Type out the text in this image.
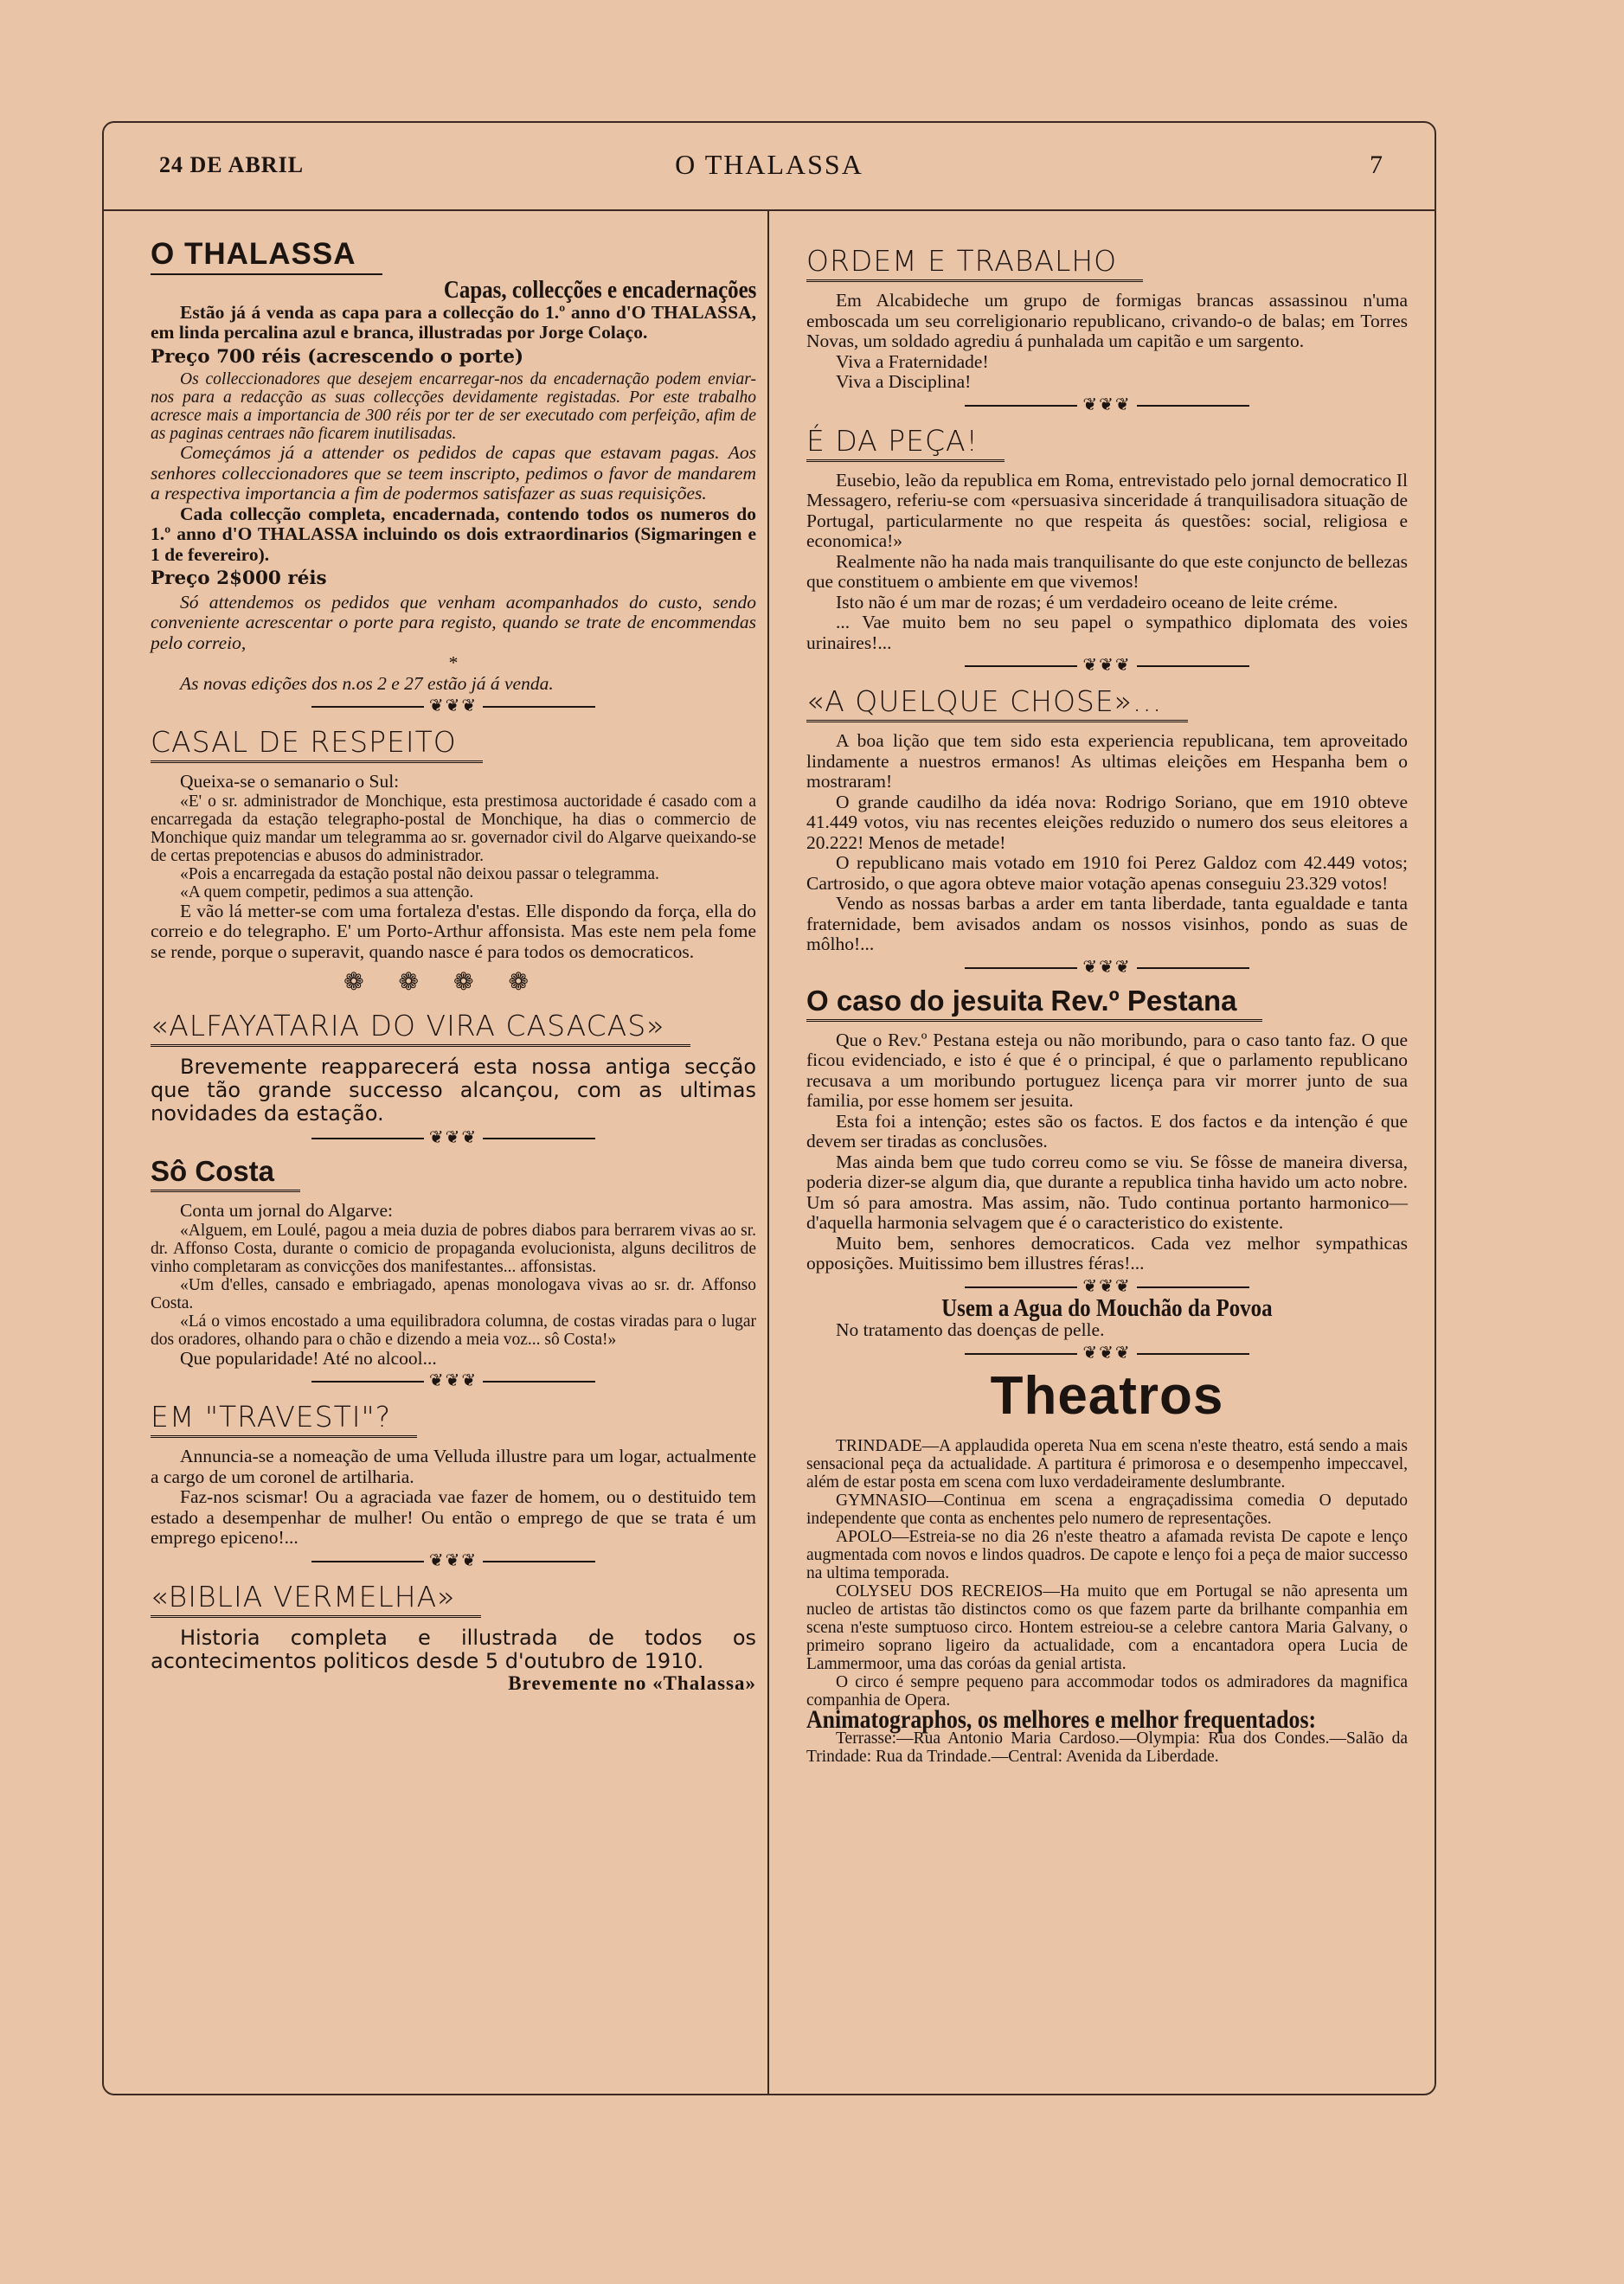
24 DE ABRIL	O THALASSA	7
O THALASSA

Capas, collecções e encadernações

Estão já á venda as capa para a collecção do 1.º anno d'O THALASSA, em linda percalina azul e branca, illustradas por Jorge Colaço.

Preço 700 réis (acrescendo o porte)

Os colleccionadores que desejem encarregar-nos da encadernação podem enviar-nos para a redacção as suas collecções devidamente registadas. Por este trabalho acresce mais a importancia de 300 réis por ter de ser executado com perfeição, afim de as paginas centraes não ficarem inutilisadas.

Começámos já a attender os pedidos de capas que estavam pagas. Aos senhores colleccionadores que se teem inscripto, pedimos o favor de mandarem a respectiva importancia a fim de podermos satisfazer as suas requisições.

Cada collecção completa, encadernada, contendo todos os numeros do 1.º anno d'O THALASSA incluindo os dois extraordinarios (Sigmaringen e 1 de fevereiro).

Preço 2$000 réis

Só attendemos os pedidos que venham acompanhados do custo, sendo conveniente acrescentar o porte para registo, quando se trate de encommendas pelo correio,

*

As novas edições dos n.os 2 e 27 estão já á venda.

❦❦❦
CASAL DE RESPEITO

Queixa-se o semanario o Sul:

«E' o sr. administrador de Monchique, esta prestimosa auctoridade é casado com a encarregada da estação telegrapho-postal de Monchique, ha dias o commercio de Monchique quiz mandar um telegramma ao sr. governador civil do Algarve queixando-se de certas prepotencias e abusos do administrador.

«Pois a encarregada da estação postal não deixou passar o telegramma.

«A quem competir, pedimos a sua attenção.

E vão lá metter-se com uma fortaleza d'estas. Elle dispondo da força, ella do correio e do telegrapho. E' um Porto-Arthur affonsista. Mas este nem pela fome se rende, porque o superavit, quando nasce é para todos os democraticos.

❁❁❁❁
«ALFAYATARIA DO VIRA CASACAS»

Brevemente reapparecerá esta nossa antiga secção que tão grande successo alcançou, com as ultimas novidades da estação.

❦❦❦
Sô Costa

Conta um jornal do Algarve:

«Alguem, em Loulé, pagou a meia duzia de pobres diabos para berrarem vivas ao sr. dr. Affonso Costa, durante o comicio de propaganda evolucionista, alguns decilitros de vinho completaram as convicções dos manifestantes... affonsistas.

«Um d'elles, cansado e embriagado, apenas monologava vivas ao sr. dr. Affonso Costa.

«Lá o vimos encostado a uma equilibradora columna, de costas viradas para o lugar dos oradores, olhando para o chão e dizendo a meia voz... sô Costa!»

Que popularidade! Até no alcool...

❦❦❦
EM "TRAVESTI"?

Annuncia-se a nomeação de uma Velluda illustre para um logar, actualmente a cargo de um coronel de artilharia.

Faz-nos scismar! Ou a agraciada vae fazer de homem, ou o destituido tem estado a desempenhar de mulher! Ou então o emprego de que se trata é um emprego epiceno!...

❦❦❦
«BIBLIA VERMELHA»

Historia completa e illustrada de todos os acontecimentos politicos desde 5 d'outubro de 1910.

Brevemente no «Thalassa»

ORDEM E TRABALHO

Em Alcabideche um grupo de formigas brancas assassinou n'uma emboscada um seu correligionario republicano, crivando-o de balas; em Torres Novas, um soldado agrediu á punhalada um capitão e um sargento.

Viva a Fraternidade!

Viva a Disciplina!

❦❦❦
É DA PEÇA!

Eusebio, leão da republica em Roma, entrevistado pelo jornal democratico Il Messagero, referiu-se com «persuasiva sinceridade á tranquilisadora situação de Portugal, particularmente no que respeita ás questões: social, religiosa e economica!»

Realmente não ha nada mais tranquilisante do que este conjuncto de bellezas que constituem o ambiente em que vivemos!

Isto não é um mar de rozas; é um verdadeiro oceano de leite créme.

... Vae muito bem no seu papel o sympathico diplomata des voies urinaires!...

❦❦❦
«A QUELQUE CHOSE»...

A boa lição que tem sido esta experiencia republicana, tem aproveitado lindamente a nuestros ermanos! As ultimas eleições em Hespanha bem o mostraram!

O grande caudilho da idéa nova: Rodrigo Soriano, que em 1910 obteve 41.449 votos, viu nas recentes eleições reduzido o numero dos seus eleitores a 20.222! Menos de metade!

O republicano mais votado em 1910 foi Perez Galdoz com 42.449 votos; Cartrosido, o que agora obteve maior votação apenas conseguiu 23.329 votos!

Vendo as nossas barbas a arder em tanta liberdade, tanta egualdade e tanta fraternidade, bem avisados andam os nossos visinhos, pondo as suas de môlho!...

❦❦❦
O caso do jesuita Rev.º Pestana

Que o Rev.º Pestana esteja ou não moribundo, para o caso tanto faz. O que ficou evidenciado, e isto é que é o principal, é que o parlamento republicano recusava a um moribundo portuguez licença para vir morrer junto de sua familia, por esse homem ser jesuita.

Esta foi a intenção; estes são os factos. E dos factos e da intenção é que devem ser tiradas as conclusões.

Mas ainda bem que tudo correu como se viu. Se fôsse de maneira diversa, poderia dizer-se algum dia, que durante a republica tinha havido um acto nobre. Um só para amostra. Mas assim, não. Tudo continua portanto harmonico—d'aquella harmonia selvagem que é o caracteristico do existente.

Muito bem, senhores democraticos. Cada vez melhor sympathicas opposições. Muitissimo bem illustres féras!...

❦❦❦

Usem a Agua do Mouchão da Povoa

No tratamento das doenças de pelle.

❦❦❦
Theatros

TRINDADE—A applaudida opereta Nua em scena n'este theatro, está sendo a mais sensacional peça da actualidade. A partitura é primorosa e o desempenho impeccavel, além de estar posta em scena com luxo verdadeiramente deslumbrante.

GYMNASIO—Continua em scena a engraçadissima comedia O deputado independente que conta as enchentes pelo numero de representações.

APOLO—Estreia-se no dia 26 n'este theatro a afamada revista De capote e lenço augmentada com novos e lindos quadros. De capote e lenço foi a peça de maior successo na ultima temporada.

COLYSEU DOS RECREIOS—Ha muito que em Portugal se não apresenta um nucleo de artistas tão distinctos como os que fazem parte da brilhante companhia em scena n'este sumptuoso circo. Hontem estreiou-se a celebre cantora Maria Galvany, o primeiro soprano ligeiro da actualidade, com a encantadora opera Lucia de Lammermoor, uma das coróas da genial artista.

O circo é sempre pequeno para accommodar todos os admiradores da magnifica companhia de Opera.

Animatographos, os melhores e melhor frequentados:

Terrasse:—Rua Antonio Maria Cardoso.—Olympia: Rua dos Condes.—Salão da Trindade: Rua da Trindade.—Central: Avenida da Liberdade.
